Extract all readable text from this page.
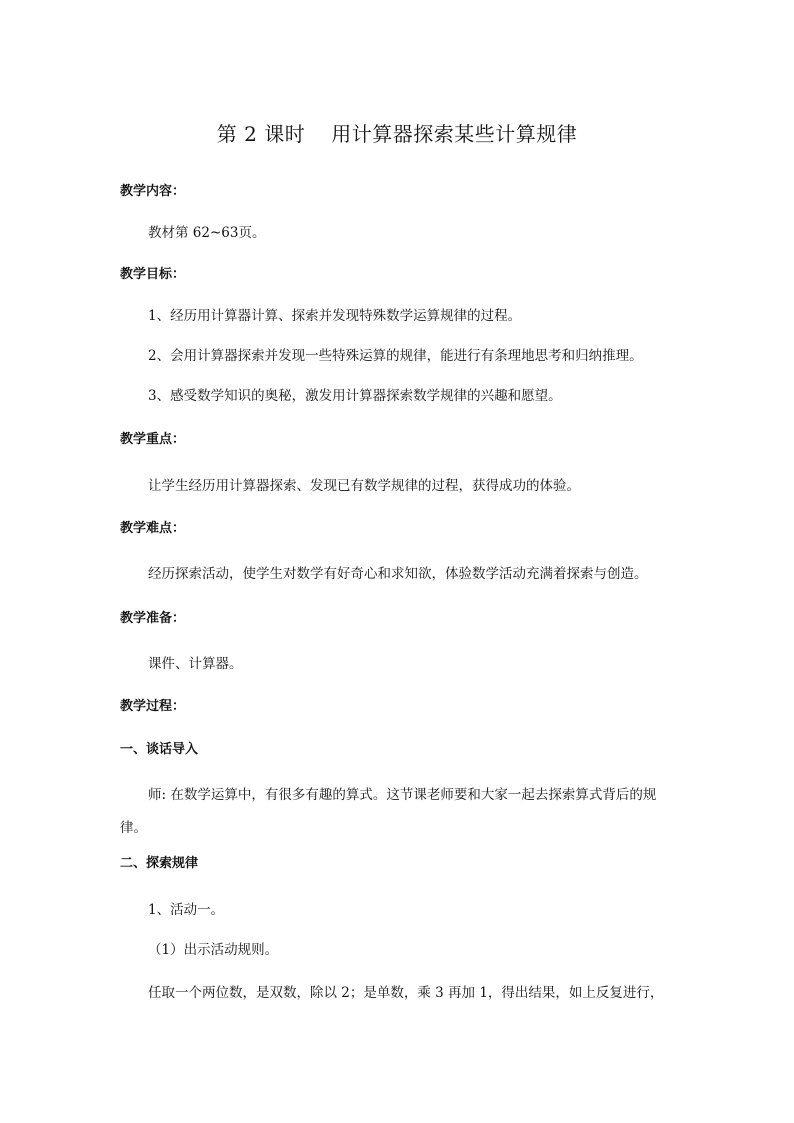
第 2 课时 用计算器探索某些计算规律
教学内容：
教材第 62~63页。
教学目标：
1、经历用计算器计算、探索并发现特殊数学运算规律的过程。
2、会用计算器探索并发现一些特殊运算的规律，能进行有条理地思考和归纳推理。
3、感受数学知识的奥秘，激发用计算器探索数学规律的兴趣和愿望。
教学重点：
让学生经历用计算器探索、发现已有数学规律的过程，获得成功的体验。
教学难点：
经历探索活动，使学生对数学有好奇心和求知欲，体验数学活动充满着探索与创造。
教学准备：
课件、计算器。
教学过程：
一、谈话导入
师: 在数学运算中，有很多有趣的算式。这节课老师要和大家一起去探索算式背后的规律。
二、探索规律
1、活动一。
（1）出示活动规则。
任取一个两位数，是双数，除以 2；是单数，乘 3 再加 1，得出结果，如上反复进行，
